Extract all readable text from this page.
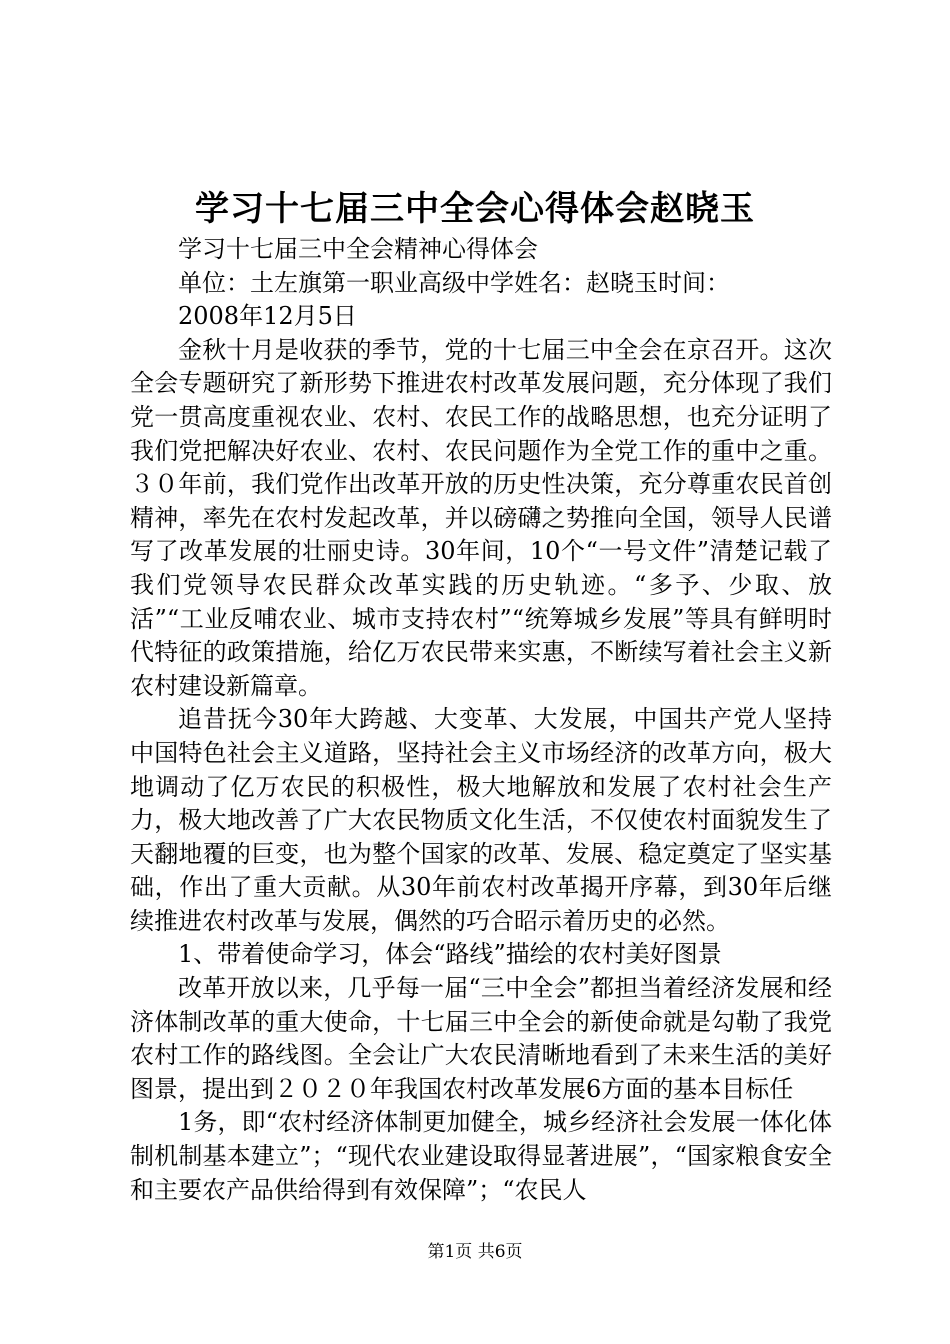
学习十七届三中全会心得体会赵晓玉

学习十七届三中全会精神心得体会

单位：土左旗第一职业高级中学姓名：赵晓玉时间：

2008年12月5日

金秋十月是收获的季节，党的十七届三中全会在京召开。这次全会专题研究了新形势下推进农村改革发展问题，充分体现了我们党一贯高度重视农业、农村、农民工作的战略思想，也充分证明了我们党把解决好农业、农村、农民问题作为全党工作的重中之重。３０年前，我们党作出改革开放的历史性决策，充分尊重农民首创精神，率先在农村发起改革，并以磅礴之势推向全国，领导人民谱写了改革发展的壮丽史诗。30年间，10个“一号文件”清楚记载了我们党领导农民群众改革实践的历史轨迹。“多予、少取、放活”“工业反哺农业、城市支持农村”“统筹城乡发展”等具有鲜明时代特征的政策措施，给亿万农民带来实惠，不断续写着社会主义新农村建设新篇章。

追昔抚今30年大跨越、大变革、大发展，中国共产党人坚持中国特色社会主义道路，坚持社会主义市场经济的改革方向，极大地调动了亿万农民的积极性，极大地解放和发展了农村社会生产力，极大地改善了广大农民物质文化生活，不仅使农村面貌发生了天翻地覆的巨变，也为整个国家的改革、发展、稳定奠定了坚实基础，作出了重大贡献。从30年前农村改革揭开序幕，到30年后继续推进农村改革与发展，偶然的巧合昭示着历史的必然。

1、带着使命学习，体会“路线”描绘的农村美好图景

改革开放以来，几乎每一届“三中全会”都担当着经济发展和经济体制改革的重大使命，十七届三中全会的新使命就是勾勒了我党农村工作的路线图。全会让广大农民清晰地看到了未来生活的美好图景，提出到２０２０年我国农村改革发展6方面的基本目标任

1务，即“农村经济体制更加健全，城乡经济社会发展一体化体制机制基本建立”；“现代农业建设取得显著进展”，“国家粮食安全和主要农产品供给得到有效保障”；“农民人

第1页 共6页
